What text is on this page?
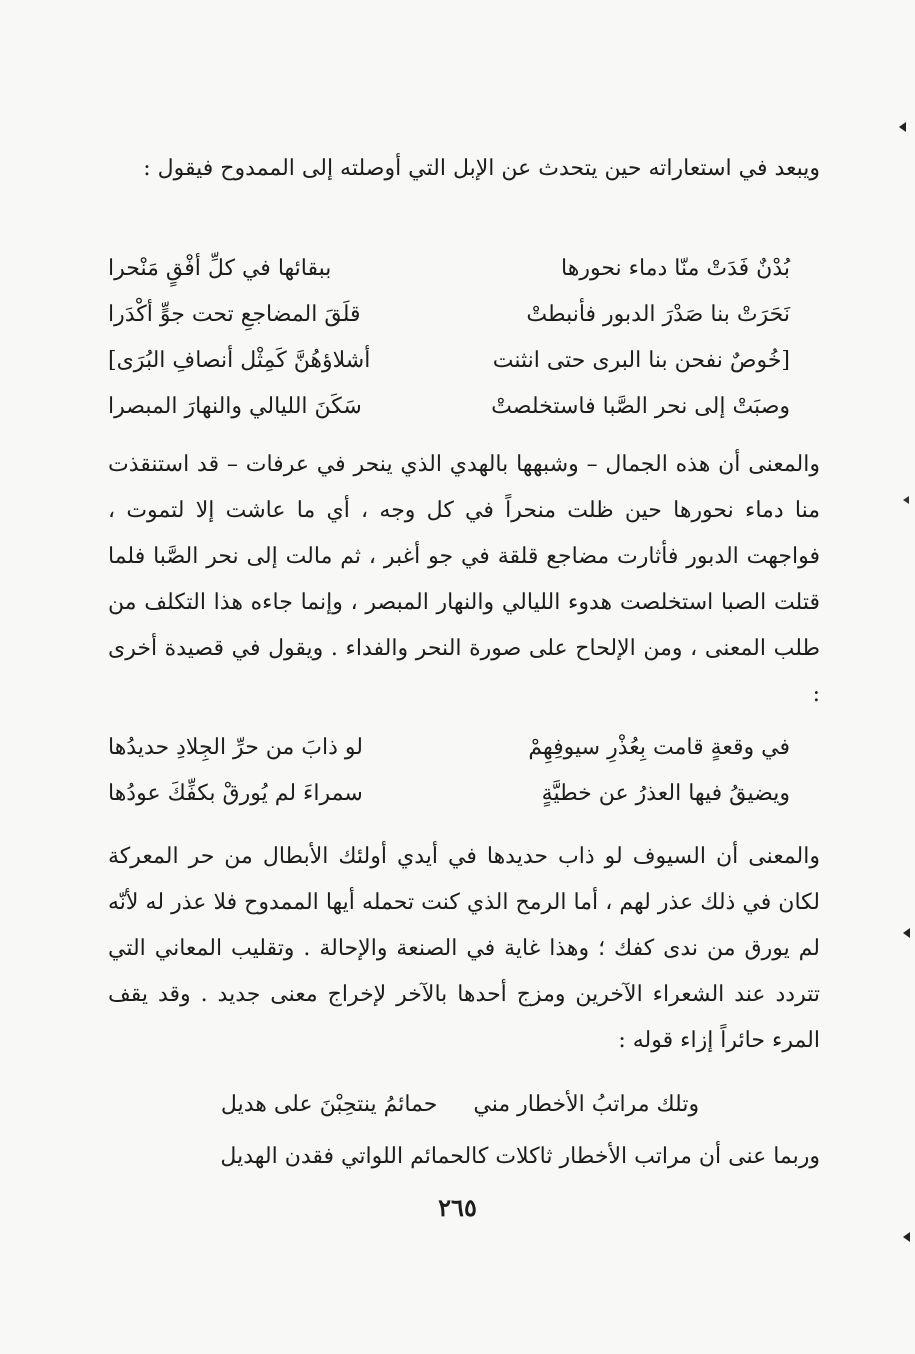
ويبعد في استعاراته حين يتحدث عن الإبل التي أوصلته إلى الممدوح فيقول :

بُدْنٌ فَدَتْ منّا دماء نحورها
ببقائها في كلِّ أفْقٍ مَنْحرا
نَحَرَتْ بنا صَدْرَ الدبور فأنبطتْ
قلَقَ المضاجعِ تحت جوٍّ أكْدَرا
[خُوصٌ نفحن بنا البرى حتى انثنت
أشلاؤهُنَّ كَمِثْل أنصافِ البُرَى]
وصبَتْ إلى نحر الصَّبا فاستخلصتْ
سَكَنَ الليالي والنهارَ المبصرا

والمعنى أن هذه الجمال – وشبهها بالهدي الذي ينحر في عرفات – قد استنقذت منا دماء نحورها حين ظلت منحراً في كل وجه ، أي ما عاشت إلا لتموت ، فواجهت الدبور فأثارت مضاجع قلقة في جو أغبر ، ثم مالت إلى نحر الصَّبا فلما قتلت الصبا استخلصت هدوء الليالي والنهار المبصر ، وإنما جاءه هذا التكلف من طلب المعنى ، ومن الإلحاح على صورة النحر والفداء . ويقول في قصيدة أخرى :

في وقعةٍ قامت بِعُذْرِ سيوفِهِمْ
لو ذابَ من حرِّ الجِلادِ حديدُها
ويضيقُ فيها العذرُ عن خطيَّةٍ
سمراءَ لم يُورقْ بكفِّكَ عودُها

والمعنى أن السيوف لو ذاب حديدها في أيدي أولئك الأبطال من حر المعركة لكان في ذلك عذر لهم ، أما الرمح الذي كنت تحمله أيها الممدوح فلا عذر له لأنّه لم يورق من ندى كفك ؛ وهذا غاية في الصنعة والإحالة . وتقليب المعاني التي تتردد عند الشعراء الآخرين ومزج أحدها بالآخر لإخراج معنى جديد . وقد يقف المرء حائراً إزاء قوله :

وتلك مراتبُ الأخطار مني
حمائمُ ينتحِبْنَ على هديل

وربما عنى أن مراتب الأخطار ثاكلات كالحمائم اللواتي فقدن الهديل

٢٦٥
